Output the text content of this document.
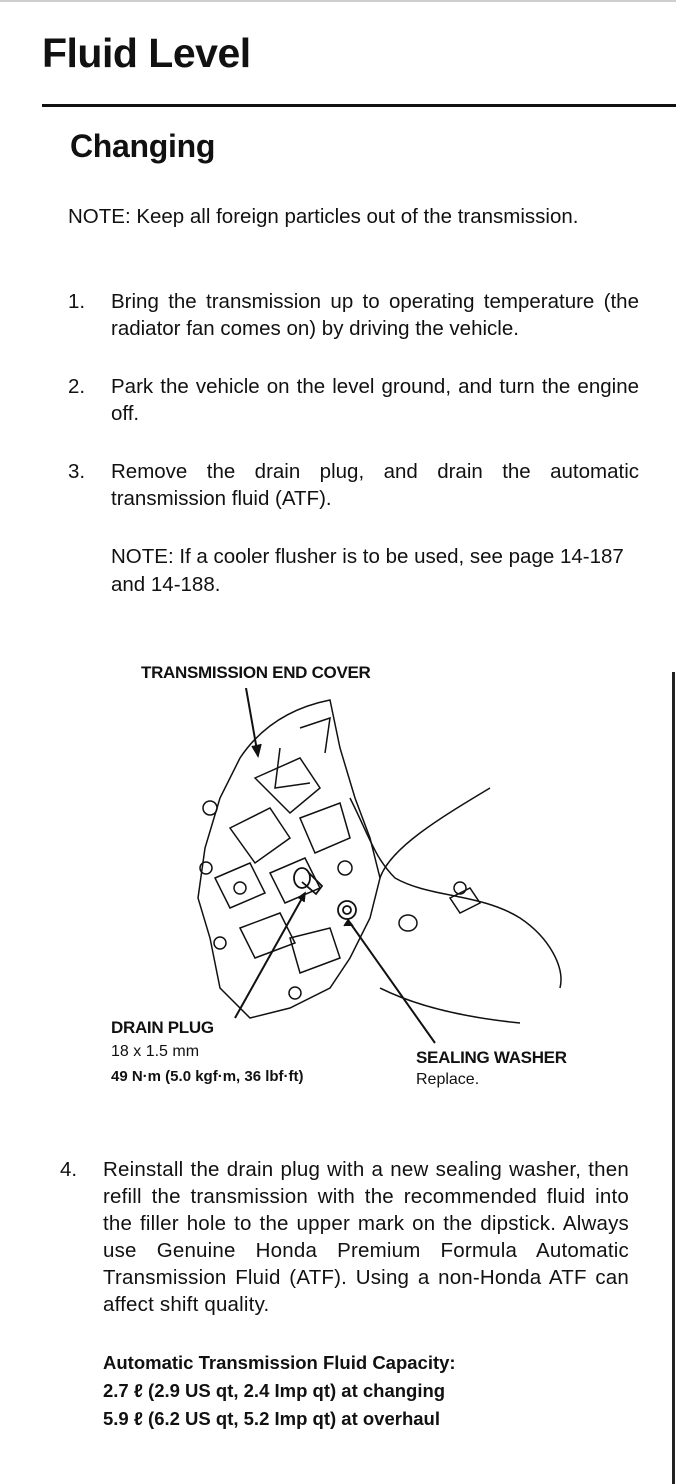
Fluid Level
Changing
NOTE: Keep all foreign particles out of the transmission.
1. Bring the transmission up to operating temperature (the radiator fan comes on) by driving the vehicle.
2. Park the vehicle on the level ground, and turn the engine off.
3. Remove the drain plug, and drain the automatic transmission fluid (ATF).
NOTE: If a cooler flusher is to be used, see page 14-187 and 14-188.
TRANSMISSION END COVER
DRAIN PLUG
18 x 1.5 mm
49 N·m (5.0 kgf·m, 36 lbf·ft)
SEALING WASHER
Replace.
4. Reinstall the drain plug with a new sealing washer, then refill the transmission with the recommended fluid into the filler hole to the upper mark on the dipstick. Always use Genuine Honda Premium Formula Automatic Transmission Fluid (ATF). Using a non-Honda ATF can affect shift quality.
Automatic Transmission Fluid Capacity:
2.7 ℓ (2.9 US qt, 2.4 Imp qt) at changing
5.9 ℓ (6.2 US qt, 5.2 Imp qt) at overhaul
